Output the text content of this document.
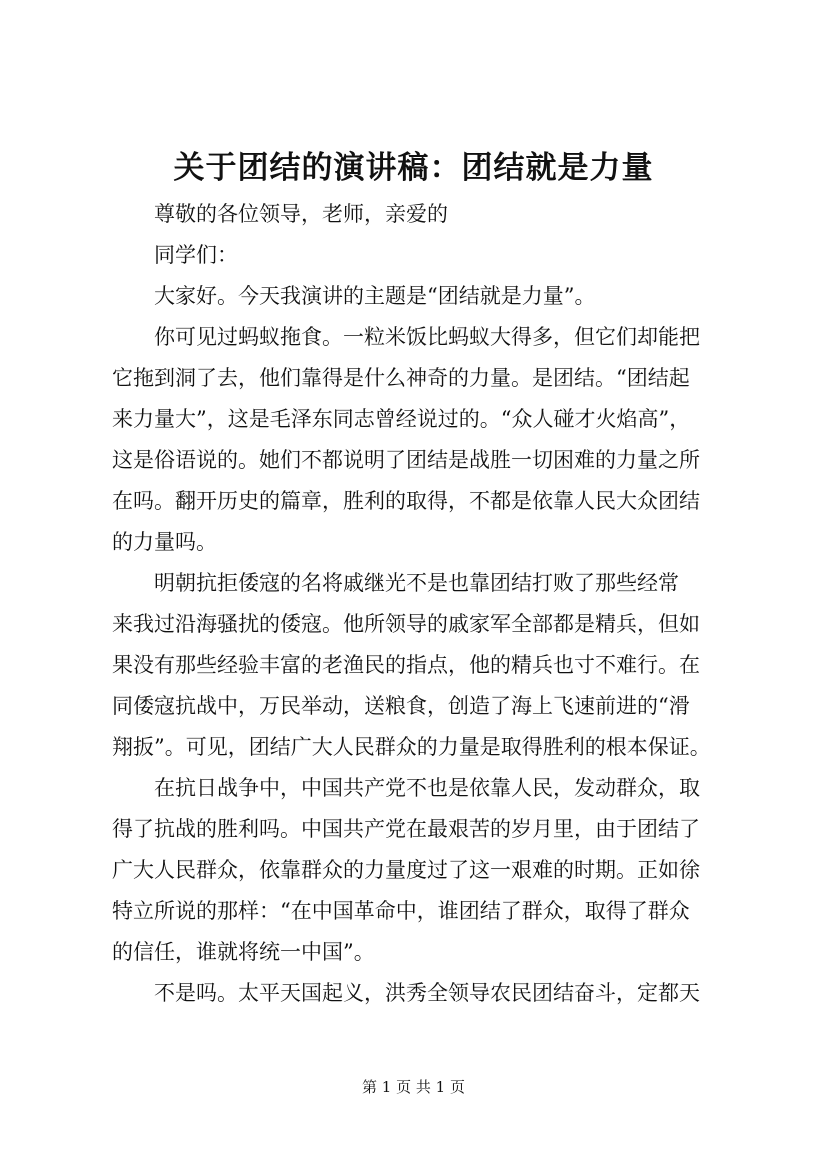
关于团结的演讲稿：团结就是力量
尊敬的各位领导，老师，亲爱的
同学们：
大家好。今天我演讲的主题是“团结就是力量”。
你可见过蚂蚁拖食。一粒米饭比蚂蚁大得多，但它们却能把
它拖到洞了去，他们靠得是什么神奇的力量。是团结。“团结起
来力量大”，这是毛泽东同志曾经说过的。“众人碰才火焰高”，
这是俗语说的。她们不都说明了团结是战胜一切困难的力量之所
在吗。翻开历史的篇章，胜利的取得，不都是依靠人民大众团结
的力量吗。
明朝抗拒倭寇的名将戚继光不是也靠团结打败了那些经常
来我过沿海骚扰的倭寇。他所领导的戚家军全部都是精兵，但如
果没有那些经验丰富的老渔民的指点，他的精兵也寸不难行。在
同倭寇抗战中，万民举动，送粮食，创造了海上飞速前进的“滑
翔扳”。可见，团结广大人民群众的力量是取得胜利的根本保证。
在抗日战争中，中国共产党不也是依靠人民，发动群众，取
得了抗战的胜利吗。中国共产党在最艰苦的岁月里，由于团结了
广大人民群众，依靠群众的力量度过了这一艰难的时期。正如徐
特立所说的那样：“在中国革命中，谁团结了群众，取得了群众
的信任，谁就将统一中国”。
不是吗。太平天国起义，洪秀全领导农民团结奋斗，定都天
第 1 页 共 1 页
